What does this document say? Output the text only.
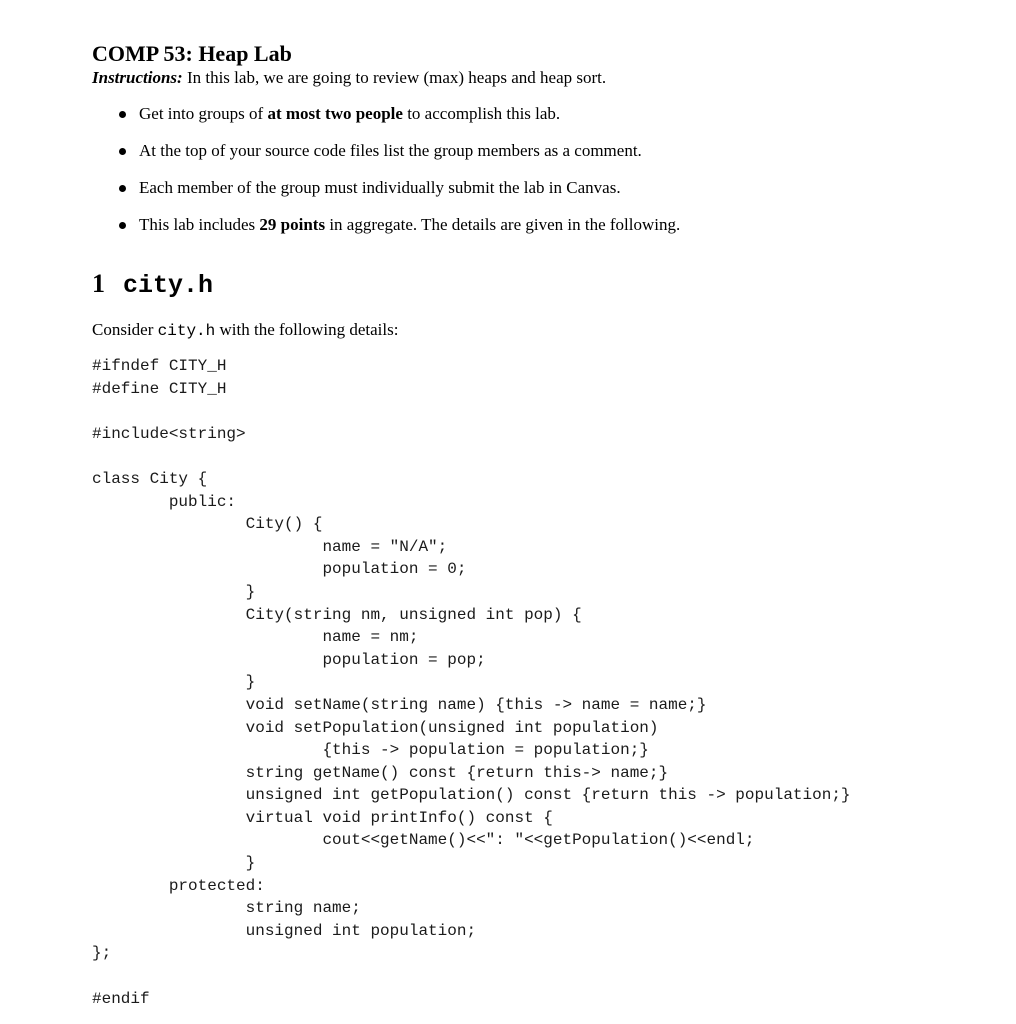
COMP 53: Heap Lab

Instructions: In this lab, we are going to review (max) heaps and heap sort.

Get into groups of at most two people to accomplish this lab.
At the top of your source code files list the group members as a comment.
Each member of the group must individually submit the lab in Canvas.
This lab includes 29 points in aggregate. The details are given in the following.
1 city.h

Consider city.h with the following details:

#ifndef CITY_H
#define CITY_H

#include<string>

class City {
public:
City() {
name = "N/A";
population = 0;
}
City(string nm, unsigned int pop) {
name = nm;
population = pop;
}
void setName(string name) {this -> name = name;}
void setPopulation(unsigned int population)
{this -> population = population;}
string getName() const {return this-> name;}
unsigned int getPopulation() const {return this -> population;}
virtual void printInfo() const {
cout<<getName()<<": "<<getPopulation()<<endl;
}
protected:
string name;
unsigned int population;
};

#endif
